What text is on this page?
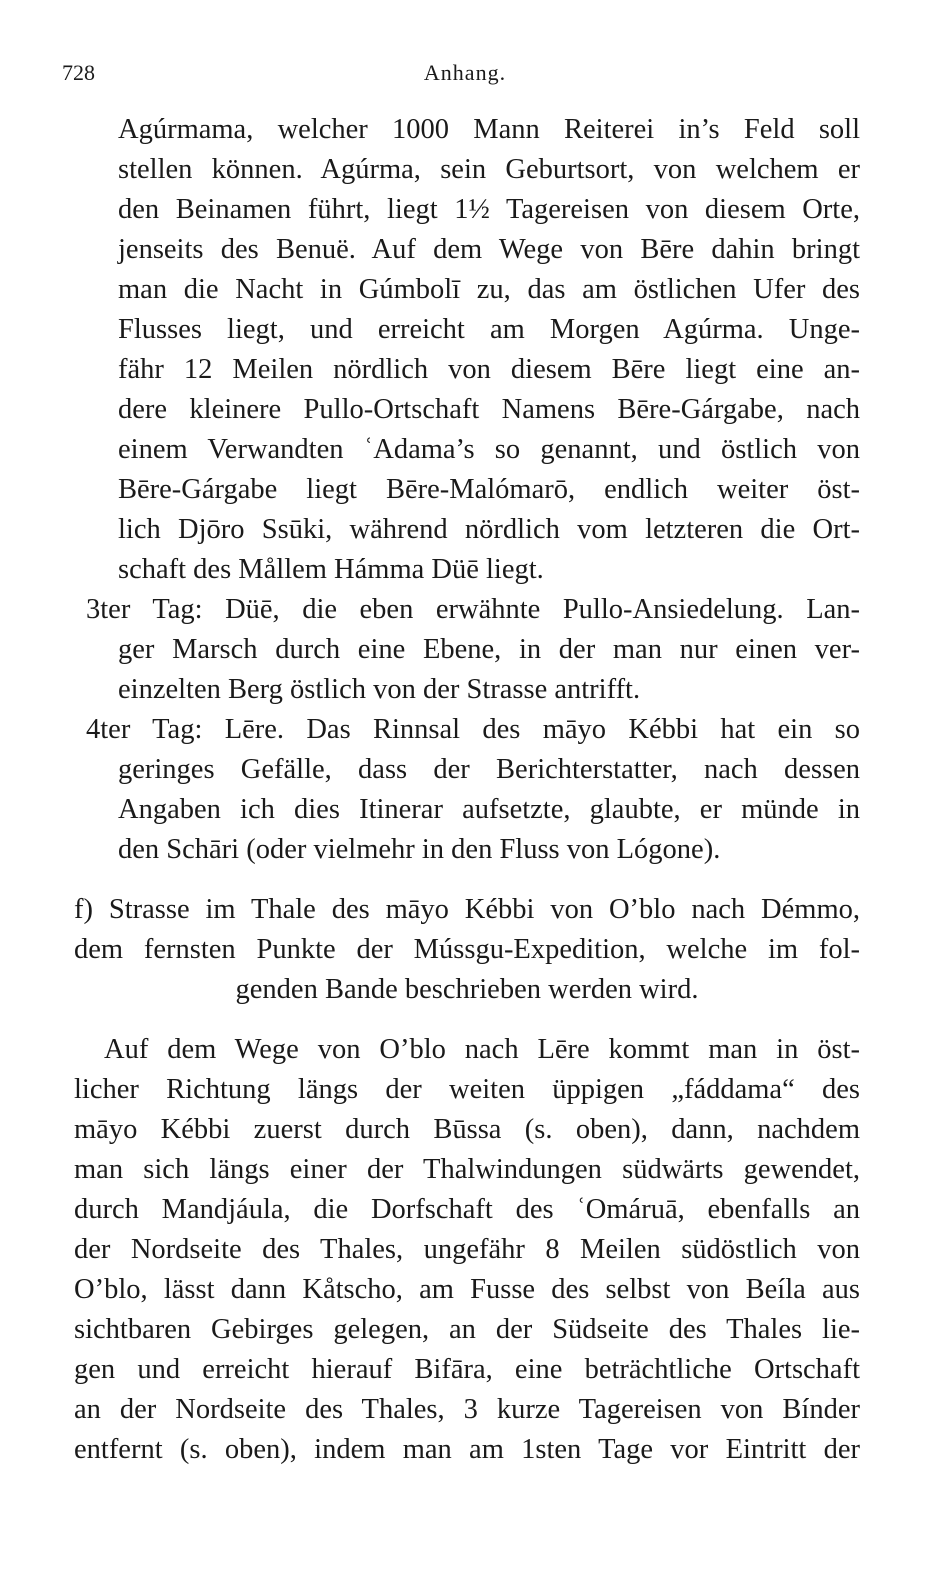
728	Anhang.
Agúrmama, welcher 1000 Mann Reiterei in’s Feld soll
stellen können. Agúrma, sein Geburtsort, von welchem er
den Beinamen führt, liegt 1½ Tagereisen von diesem Orte,
jenseits des Benuë. Auf dem Wege von Bēre dahin bringt
man die Nacht in Gúmbolī zu, das am östlichen Ufer des
Flusses liegt, und erreicht am Morgen Agúrma. Unge-
fähr 12 Meilen nördlich von diesem Bēre liegt eine an-
dere kleinere Pullo-Ortschaft Namens Bēre-Gárgabe, nach
einem Verwandten ʿAdama’s so genannt, und östlich von
Bēre-Gárgabe liegt Bēre-Malómarō, endlich weiter öst-
lich Djōro Ssūki, während nördlich vom letzteren die Ort-
schaft des Mållem Hámma Düē liegt.
3ter Tag: Düē, die eben erwähnte Pullo-Ansiedelung. Lan-
ger Marsch durch eine Ebene, in der man nur einen ver-
einzelten Berg östlich von der Strasse antrifft.
4ter Tag: Lēre. Das Rinnsal des māyo Kébbi hat ein so
geringes Gefälle, dass der Berichterstatter, nach dessen
Angaben ich dies Itinerar aufsetzte, glaubte, er münde in
den Schāri (oder vielmehr in den Fluss von Lógone).
f) Strasse im Thale des māyo Kébbi von O’blo nach Démmo,
dem fernsten Punkte der Mússgu-Expedition, welche im fol-
genden Bande beschrieben werden wird.
Auf dem Wege von O’blo nach Lēre kommt man in öst-
licher Richtung längs der weiten üppigen „fáddama“ des
māyo Kébbi zuerst durch Būssa (s. oben), dann, nachdem
man sich längs einer der Thalwindungen südwärts gewendet,
durch Mandjáula, die Dorfschaft des ʿOmáruā, ebenfalls an
der Nordseite des Thales, ungefähr 8 Meilen südöstlich von
O’blo, lässt dann Kåtscho, am Fusse des selbst von Beíla aus
sichtbaren Gebirges gelegen, an der Südseite des Thales lie-
gen und erreicht hierauf Bifāra, eine beträchtliche Ortschaft
an der Nordseite des Thales, 3 kurze Tagereisen von Bínder
entfernt (s. oben), indem man am 1sten Tage vor Eintritt der
